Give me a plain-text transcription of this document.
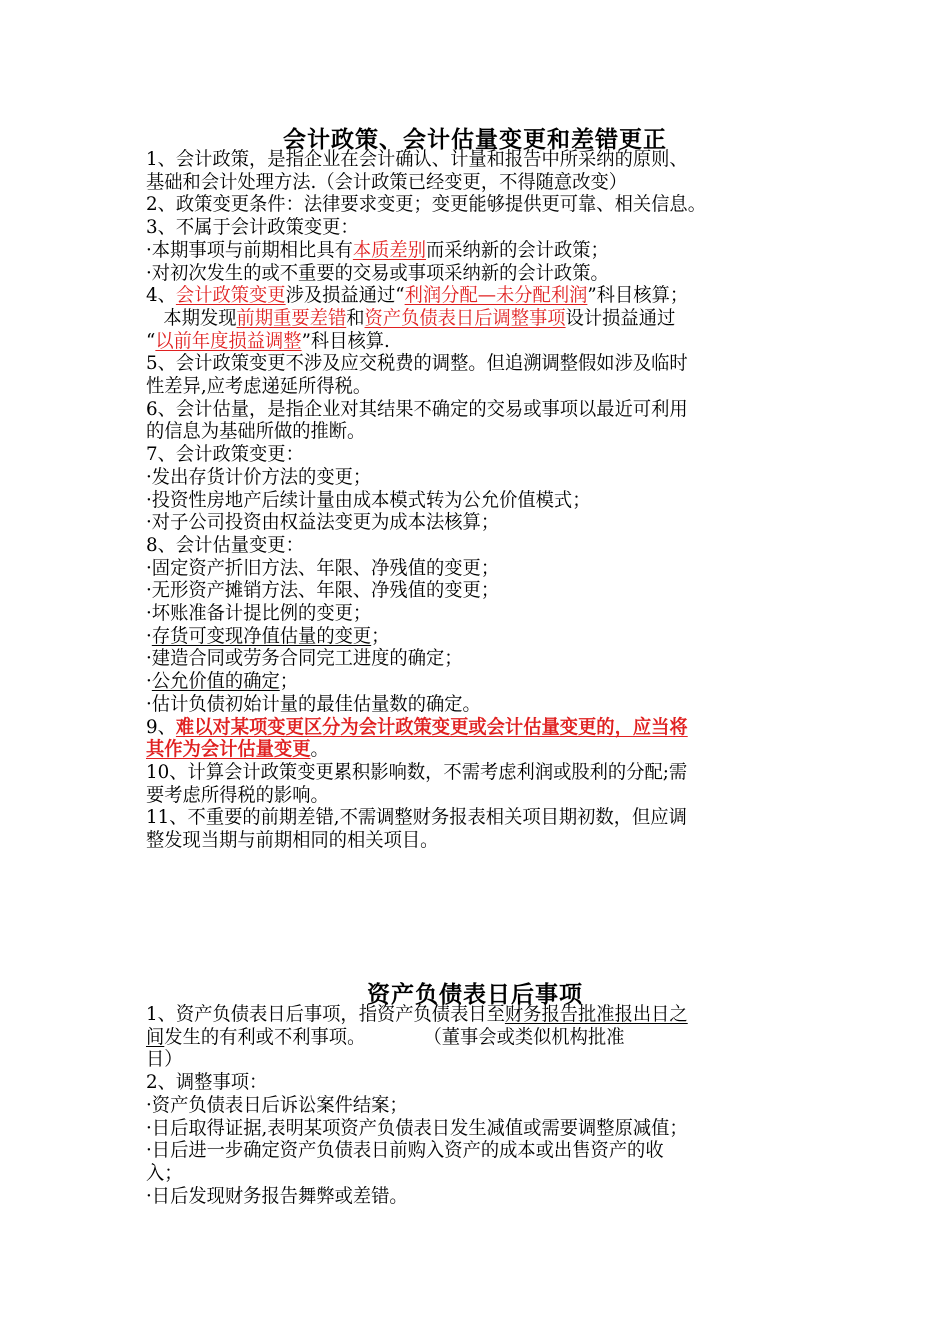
会计政策、会计估量变更和差错更正
1、会计政策，是指企业在会计确认、计量和报告中所采纳的原则、
基础和会计处理方法.（会计政策已经变更，不得随意改变）
2、政策变更条件：法律要求变更；变更能够提供更可靠、相关信息。
3、不属于会计政策变更：
·本期事项与前期相比具有本质差别而采纳新的会计政策；
·对初次发生的或不重要的交易或事项采纳新的会计政策。
4、会计政策变更涉及损益通过“利润分配—未分配利润”科目核算；
本期发现前期重要差错和资产负债表日后调整事项设计损益通过
“以前年度损益调整”科目核算.
5、会计政策变更不涉及应交税费的调整。但追溯调整假如涉及临时
性差异,应考虑递延所得税。
6、会计估量，是指企业对其结果不确定的交易或事项以最近可利用
的信息为基础所做的推断。
7、会计政策变更：
·发出存货计价方法的变更；
·投资性房地产后续计量由成本模式转为公允价值模式；
·对子公司投资由权益法变更为成本法核算；
8、会计估量变更：
·固定资产折旧方法、年限、净残值的变更；
·无形资产摊销方法、年限、净残值的变更；
·坏账准备计提比例的变更；
·存货可变现净值估量的变更；
·建造合同或劳务合同完工进度的确定；
·公允价值的确定；
·估计负债初始计量的最佳估量数的确定。
9、难以对某项变更区分为会计政策变更或会计估量变更的，应当将
其作为会计估量变更。
10、计算会计政策变更累积影响数，不需考虑利润或股利的分配;需
要考虑所得税的影响。
11、不重要的前期差错,不需调整财务报表相关项目期初数，但应调
整发现当期与前期相同的相关项目。
资产负债表日后事项
1、资产负债表日后事项，指资产负债表日至财务报告批准报出日之
间发生的有利或不利事项。          （董事会或类似机构批准
日）
2、调整事项：
·资产负债表日后诉讼案件结案；
·日后取得证据,表明某项资产负债表日发生减值或需要调整原减值；
·日后进一步确定资产负债表日前购入资产的成本或出售资产的收
入；
·日后发现财务报告舞弊或差错。
